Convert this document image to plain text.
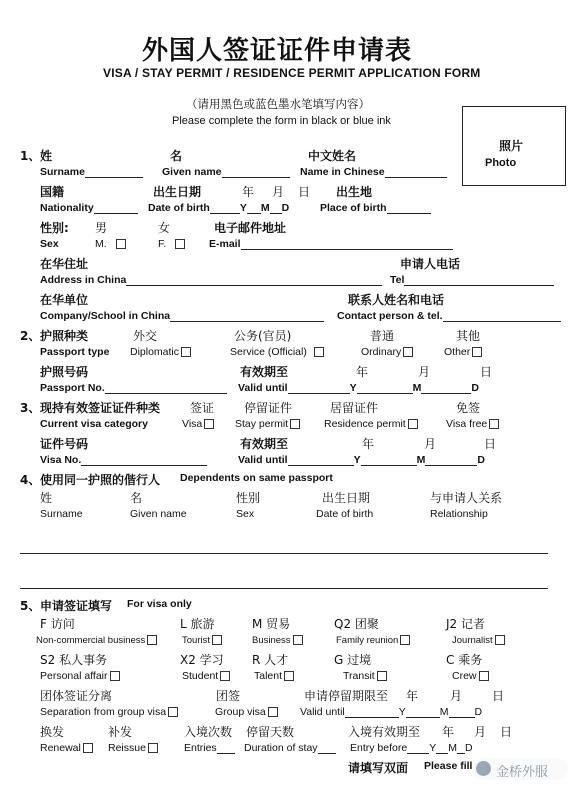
外国人签证证件申请表
VISA / STAY PERMIT / RESIDENCE PERMIT APPLICATION FORM
（请用黑色或蓝色墨水笔填写内容）
Please complete the form in black or blue ink
照片
Photo
1、 姓	名	中文姓名
Surname	Given name	Name in Chinese
国籍	出生日期	年 月 日 出生地
Nationality	Date of birth	Y M D	Place of birth
性别: 男	女	电子邮件地址
Sex	M.	F.	E-mail
在华住址	申请人电话
Address in China	Tel
在华单位	联系人姓名和电话
Company/School in China	Contact person & tel.
2、 护照种类	外交	公务(官员)	普通	其他
Passport type Diplomatic	Service (Official)	Ordinary	Other
护照号码	有效期至	年	月	日
Passport No.	Valid until	Y	M	D
3、 现持有效签证证件种类 签证 停留证件	居留证件	免签
Current visa category	Visa	Stay permit	Residence permit	Visa free
证件号码	有效期至	年	月	日
Visa No.	Valid until	Y	M	D
4、 使用同一护照的偕行人 Dependents on same passport
姓	名	性别	出生日期	与申请人关系
Surname	Given name	Sex	Date of birth	Relationship
5、 申请签证填写 For visa only
F 访问	L 旅游	M 贸易	Q2 团聚	J2 记者
Non-commercial business	Tourist	Business	Family reunion	Journalist
S2 私人事务	X2 学习 R 人才	G 过境	C 乘务
Personal affair	Student	Talent	Transit	Crew
团体签证分离	团签	申请停留期限至 年	月 日
Separation from group visa	Group visa	Valid until	Y	M D
换发	补发	入境次数 停留天数	入境有效期至 年 月 日
Renewal	Reissue	Entries	Duration of stay	Entry before Y M D
请填写双面 Please fill 金桥外服
